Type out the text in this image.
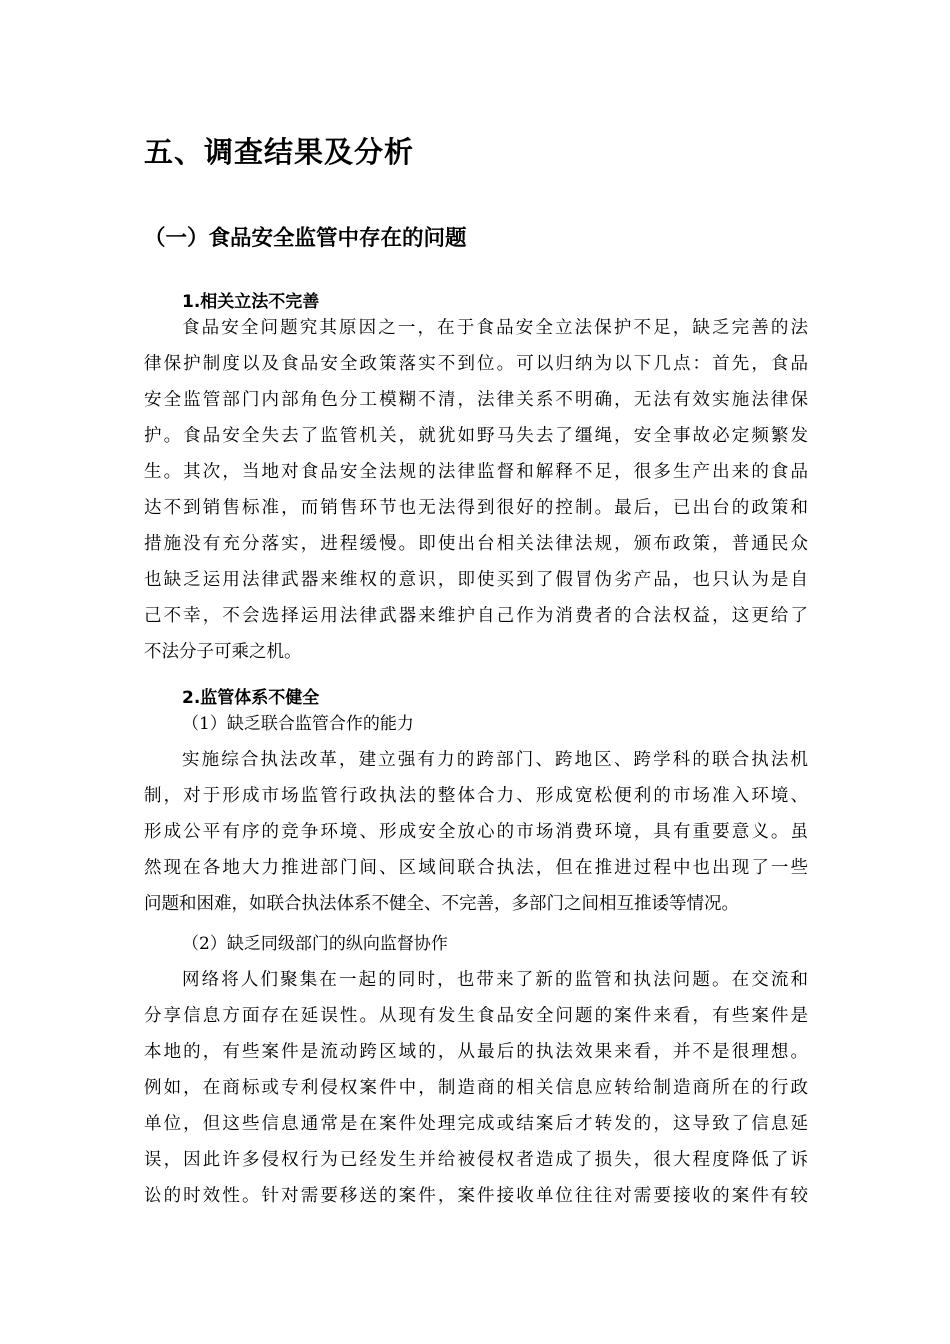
五、调查结果及分析
（一）食品安全监管中存在的问题
1.相关立法不完善
食品安全问题究其原因之一，在于食品安全立法保护不足，缺乏完善的法
律保护制度以及食品安全政策落实不到位。可以归纳为以下几点：首先，食品
安全监管部门内部角色分工模糊不清，法律关系不明确，无法有效实施法律保
护。食品安全失去了监管机关，就犹如野马失去了缰绳，安全事故必定频繁发
生。其次，当地对食品安全法规的法律监督和解释不足，很多生产出来的食品
达不到销售标准，而销售环节也无法得到很好的控制。最后，已出台的政策和
措施没有充分落实，进程缓慢。即使出台相关法律法规，颁布政策，普通民众
也缺乏运用法律武器来维权的意识，即使买到了假冒伪劣产品，也只认为是自
己不幸，不会选择运用法律武器来维护自己作为消费者的合法权益，这更给了
不法分子可乘之机。
2.监管体系不健全
（1）缺乏联合监管合作的能力
实施综合执法改革，建立强有力的跨部门、跨地区、跨学科的联合执法机
制，对于形成市场监管行政执法的整体合力、形成宽松便利的市场准入环境、
形成公平有序的竞争环境、形成安全放心的市场消费环境，具有重要意义。虽
然现在各地大力推进部门间、区域间联合执法，但在推进过程中也出现了一些
问题和困难，如联合执法体系不健全、不完善，多部门之间相互推诿等情况。
（2）缺乏同级部门的纵向监督协作
网络将人们聚集在一起的同时，也带来了新的监管和执法问题。在交流和
分享信息方面存在延误性。从现有发生食品安全问题的案件来看，有些案件是
本地的，有些案件是流动跨区域的，从最后的执法效果来看，并不是很理想。
例如，在商标或专利侵权案件中，制造商的相关信息应转给制造商所在的行政
单位，但这些信息通常是在案件处理完成或结案后才转发的，这导致了信息延
误，因此许多侵权行为已经发生并给被侵权者造成了损失，很大程度降低了诉
讼的时效性。针对需要移送的案件，案件接收单位往往对需要接收的案件有较
